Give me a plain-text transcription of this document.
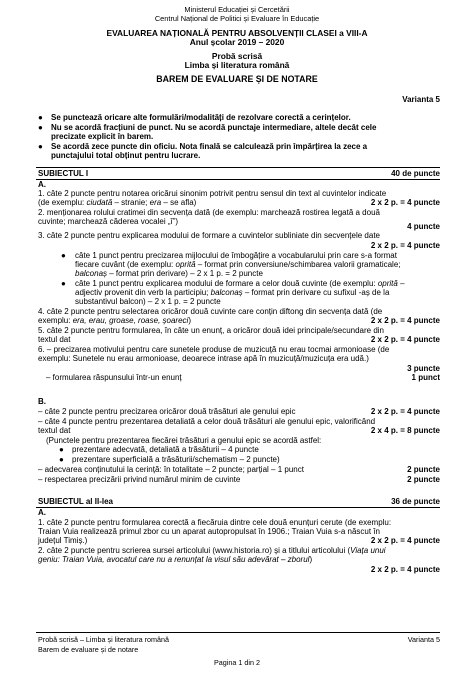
Ministerul Educației și Cercetării
Centrul Național de Politici și Evaluare în Educație
EVALUAREA NAȚIONALĂ PENTRU ABSOLVENȚII CLASEI a VIII-A
Anul școlar 2019 – 2020
Probă scrisă
Limba și literatura română
BAREM DE EVALUARE ȘI DE NOTARE
Varianta 5
● Se punctează oricare alte formulări/modalități de rezolvare corectă a cerințelor.
● Nu se acordă fracțiuni de punct. Nu se acordă punctaje intermediare, altele decât cele
precizate explicit în barem.
● Se acordă zece puncte din oficiu. Nota finală se calculează prin împărțirea la zece a
punctajului total obținut pentru lucrare.
SUBIECTUL I	40 de puncte
A.
1. câte 2 puncte pentru notarea oricărui sinonim potrivit pentru sensul din text al cuvintelor indicate
(de exemplu: ciudată – stranie; era – se afla)	2 x 2 p. = 4 puncte
2. menționarea rolului cratimei din secvența dată (de exemplu: marchează rostirea legată a două
cuvinte; marchează căderea vocalei „î”)
4 puncte
3. câte 2 puncte pentru explicarea modului de formare a cuvintelor subliniate din secvențele date
2 x 2 p. = 4 puncte
● câte 1 punct pentru precizarea mijlocului de îmbogățire a vocabularului prin care s-a format
fiecare cuvânt (de exemplu: oprită – format prin conversiune/schimbarea valorii gramaticale;
balconaș – format prin derivare) – 2 x 1 p. = 2 puncte
● câte 1 punct pentru explicarea modului de formare a celor două cuvinte (de exemplu: oprită –
adjectiv provenit din verb la participiu; balconaș – format prin derivare cu sufixul -aș de la
substantivul balcon) – 2 x 1 p. = 2 puncte
4. câte 2 puncte pentru selectarea oricăror două cuvinte care conțin diftong din secvența dată (de
exemplu: era, erau, groase, roase, șoareci)	2 x 2 p. = 4 puncte
5. câte 2 puncte pentru formularea, în câte un enunț, a oricăror două idei principale/secundare din
textul dat	2 x 2 p. = 4 puncte
6. – precizarea motivului pentru care sunetele produse de muzicuță nu erau tocmai armonioase (de
exemplu: Sunetele nu erau armonioase, deoarece intrase apă în muzicuță/muzicuța era udă.)
3 puncte
– formularea răspunsului într-un enunț	1 punct
B.
– câte 2 puncte pentru precizarea oricăror două trăsături ale genului epic	2 x 2 p. = 4 puncte
– câte 4 puncte pentru prezentarea detaliată a celor două trăsături ale genului epic, valorificând
textul dat	2 x 4 p. = 8 puncte
(Punctele pentru prezentarea fiecărei trăsături a genului epic se acordă astfel:
● prezentare adecvată, detaliată a trăsăturii – 4 puncte
● prezentare superficială a trăsăturii/schematism – 2 puncte)
– adecvarea conținutului la cerință: în totalitate – 2 puncte; parțial – 1 punct	2 puncte
– respectarea precizării privind numărul minim de cuvinte	2 puncte
SUBIECTUL al II-lea	36 de puncte
A.
1. câte 2 puncte pentru formularea corectă a fiecăruia dintre cele două enunțuri cerute (de exemplu:
Traian Vuia realizează primul zbor cu un aparat autopropulsat în 1906.; Traian Vuia s-a născut în
județul Timiș.)	2 x 2 p. = 4 puncte
2. câte 2 puncte pentru scrierea sursei articolului (www.historia.ro) și a titlului articolului (Viața unui
geniu: Traian Vuia, avocatul care nu a renunțat la visul său adevărat – zborul)
2 x 2 p. = 4 puncte
Probă scrisă – Limba și literatura română	Varianta 5
Barem de evaluare și de notare
Pagina 1 din 2
